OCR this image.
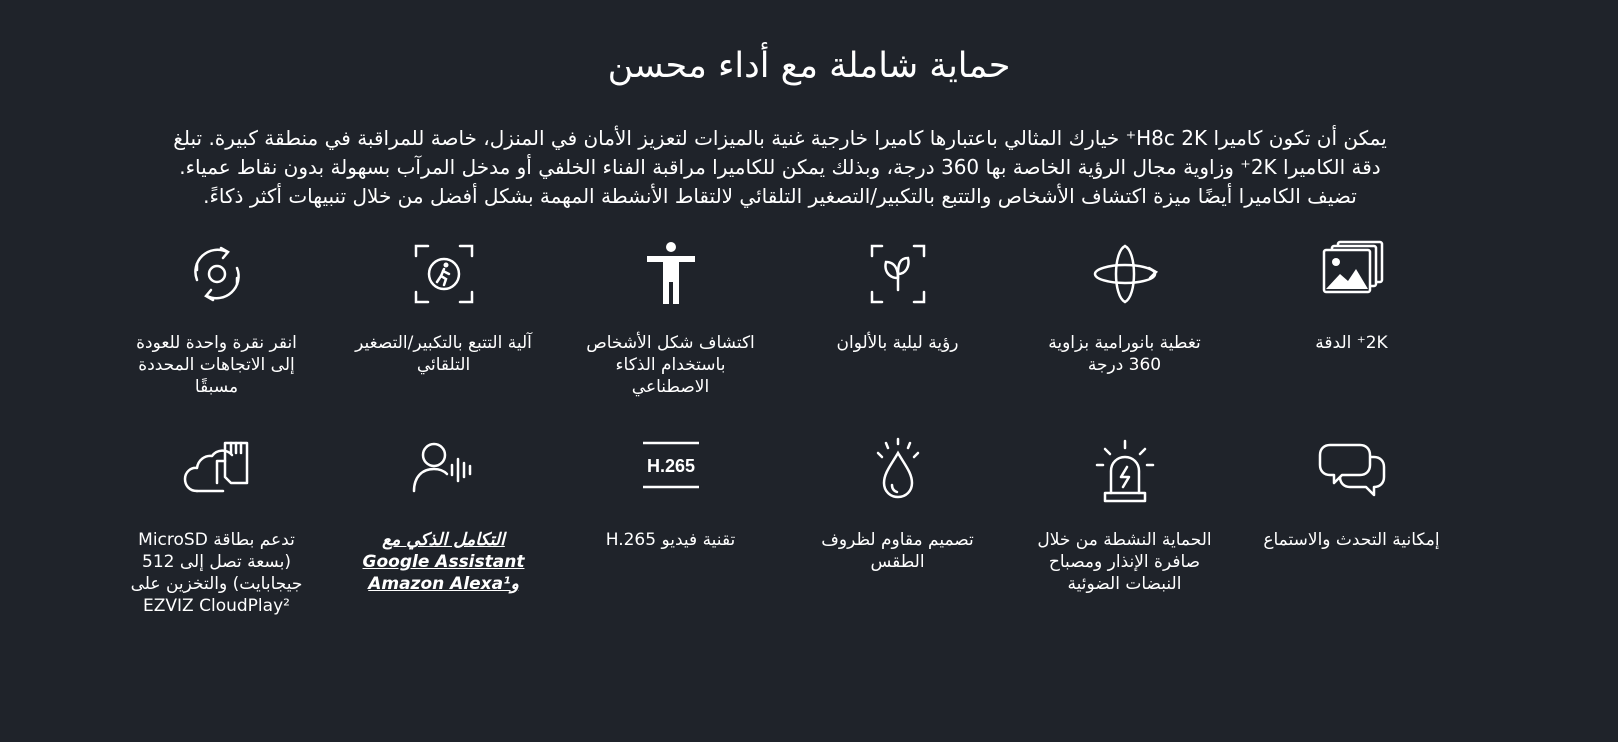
حماية شاملة مع أداء محسن

يمكن أن تكون كاميرا H8c 2K⁺ خيارك المثالي باعتبارها كاميرا خارجية غنية بالميزات لتعزيز الأمان في المنزل، خاصة للمراقبة في منطقة كبيرة. تبلغ

دقة الكاميرا 2K⁺ وزاوية مجال الرؤية الخاصة بها 360 درجة، وبذلك يمكن للكاميرا مراقبة الفناء الخلفي أو مدخل المرآب بسهولة بدون نقاط عمياء.

تضيف الكاميرا أيضًا ميزة اكتشاف الأشخاص والتتبع بالتكبير/التصغير التلقائي لالتقاط الأنشطة المهمة بشكل أفضل من خلال تنبيهات أكثر ذكاءً.

2K⁺ الدقة
تغطية بانورامية بزاوية 360 درجة
رؤية ليلية بالألوان
اكتشاف شكل الأشخاص باستخدام الذكاء الاصطناعي
آلية التتبع بالتكبير/التصغير التلقائي
انقر نقرة واحدة للعودة إلى الاتجاهات المحددة مسبقًا
إمكانية التحدث والاستماع
الحماية النشطة من خلال صافرة الإنذار ومصباح النبضات الضوئية
تصميم مقاوم لظروف الطقس
H.265
تقنية فيديو H.265
التكامل الذكي مع Google Assistant وAmazon Alexa¹
تدعم بطاقة MicroSD (بسعة تصل إلى 512 جيجابايت) والتخزين على EZVIZ CloudPlay²
